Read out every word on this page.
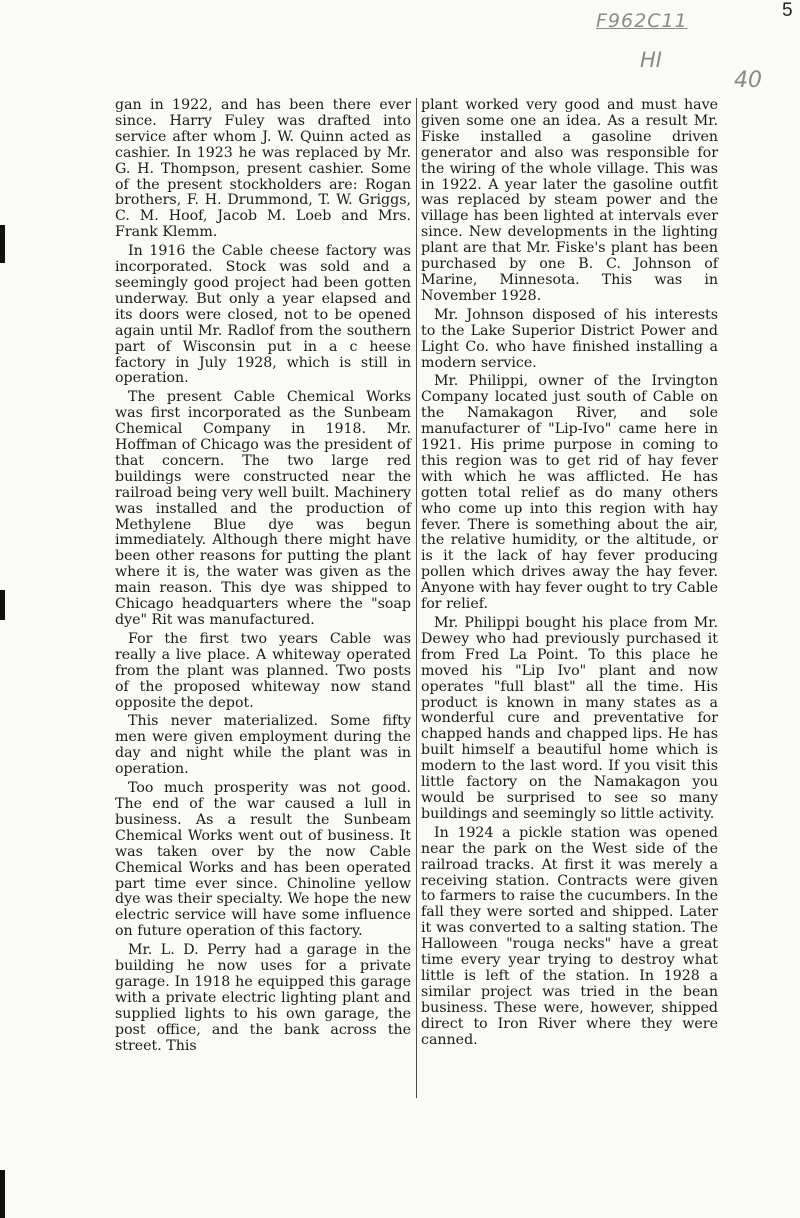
5
F962C11
HI
40

gan in 1922, and has been there ever since. Harry Fuley was drafted into service after whom J. W. Quinn acted as cashier. In 1923 he was replaced by Mr. G. H. Thompson, present cashier. Some of the present stockholders are: Rogan brothers, F. H. Drummond, T. W. Griggs, C. M. Hoof, Jacob M. Loeb and Mrs. Frank Klemm.

In 1916 the Cable cheese factory was incorporated. Stock was sold and a seemingly good project had been gotten underway. But only a year elapsed and its doors were closed, not to be opened again until Mr. Radlof from the southern part of Wisconsin put in a c heese factory in July 1928, which is still in operation.

The present Cable Chemical Works was first incorporated as the Sunbeam Chemical Company in 1918. Mr. Hoffman of Chicago was the president of that concern. The two large red buildings were constructed near the railroad being very well built. Machinery was installed and the production of Methylene Blue dye was begun immediately. Although there might have been other reasons for putting the plant where it is, the water was given as the main reason. This dye was shipped to Chicago headquarters where the "soap dye" Rit was manufactured.

For the first two years Cable was really a live place. A whiteway operated from the plant was planned. Two posts of the proposed whiteway now stand opposite the depot.

This never materialized. Some fifty men were given employment during the day and night while the plant was in operation.

Too much prosperity was not good. The end of the war caused a lull in business. As a result the Sunbeam Chemical Works went out of business. It was taken over by the now Cable Chemical Works and has been operated part time ever since. Chinoline yellow dye was their specialty. We hope the new electric service will have some influence on future operation of this factory.

Mr. L. D. Perry had a garage in the building he now uses for a private garage. In 1918 he equipped this garage with a private electric lighting plant and supplied lights to his own garage, the post office, and the bank across the street. This

plant worked very good and must have given some one an idea. As a result Mr. Fiske installed a gasoline driven generator and also was responsible for the wiring of the whole village. This was in 1922. A year later the gasoline outfit was replaced by steam power and the village has been lighted at intervals ever since. New developments in the lighting plant are that Mr. Fiske's plant has been purchased by one B. C. Johnson of Marine, Minnesota. This was in November 1928.

Mr. Johnson disposed of his interests to the Lake Superior District Power and Light Co. who have finished installing a modern service.

Mr. Philippi, owner of the Irvington Company located just south of Cable on the Namakagon River, and sole manufacturer of "Lip-Ivo" came here in 1921. His prime purpose in coming to this region was to get rid of hay fever with which he was afflicted. He has gotten total relief as do many others who come up into this region with hay fever. There is something about the air, the relative humidity, or the altitude, or is it the lack of hay fever producing pollen which drives away the hay fever. Anyone with hay fever ought to try Cable for relief.

Mr. Philippi bought his place from Mr. Dewey who had previously purchased it from Fred La Point. To this place he moved his "Lip Ivo" plant and now operates "full blast" all the time. His product is known in many states as a wonderful cure and preventative for chapped hands and chapped lips. He has built himself a beautiful home which is modern to the last word. If you visit this little factory on the Namakagon you would be surprised to see so many buildings and seemingly so little activity.

In 1924 a pickle station was opened near the park on the West side of the railroad tracks. At first it was merely a receiving station. Contracts were given to farmers to raise the cucumbers. In the fall they were sorted and shipped. Later it was converted to a salting station. The Halloween "rouga necks" have a great time every year trying to destroy what little is left of the station. In 1928 a similar project was tried in the bean business. These were, however, shipped direct to Iron River where they were canned.
